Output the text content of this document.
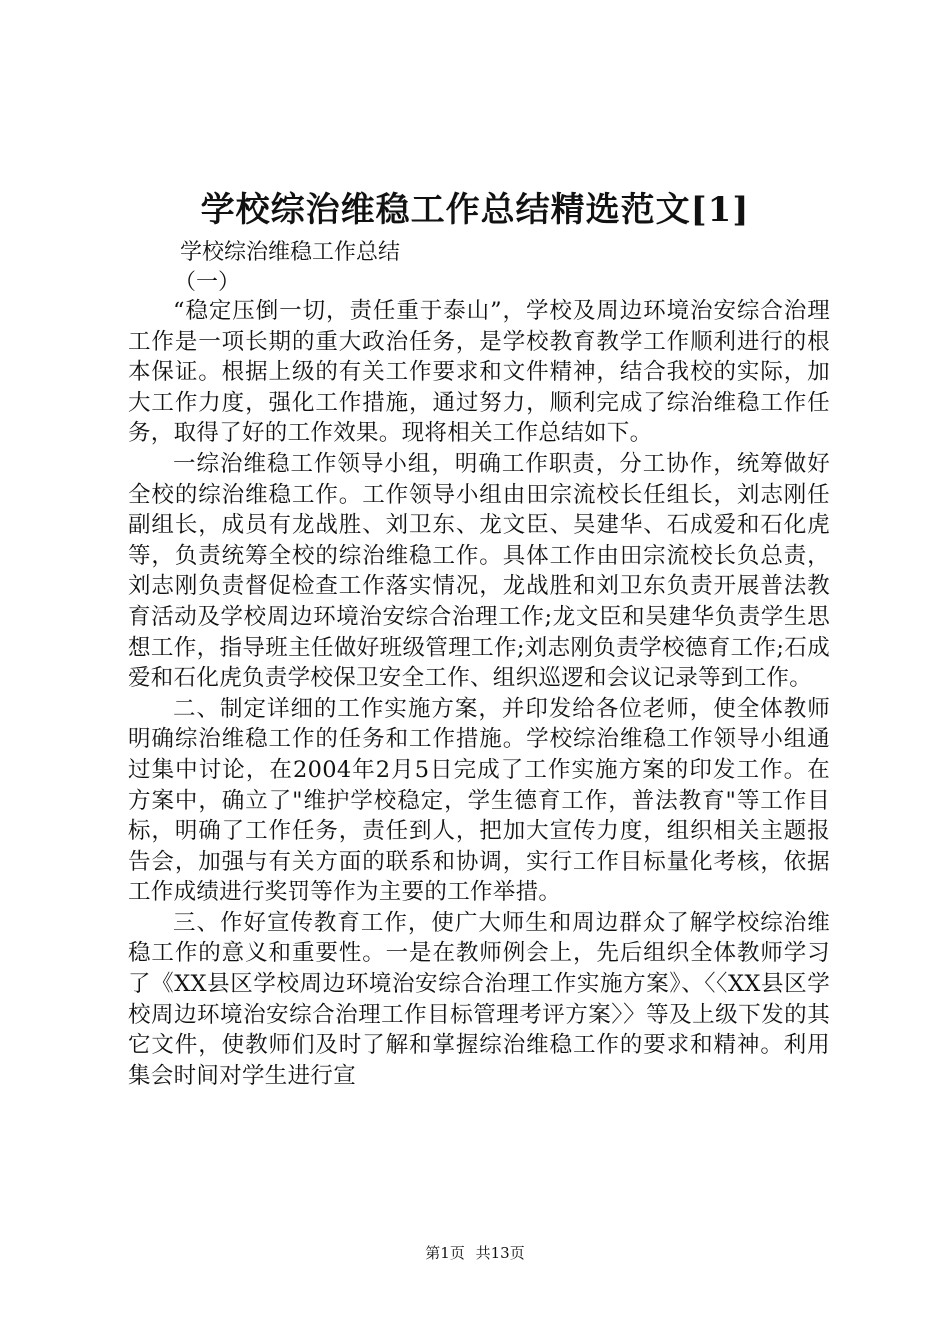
学校综治维稳工作总结精选范文[1]
学校综治维稳工作总结
（一）

“稳定压倒一切，责任重于泰山”，学校及周边环境治安综合治理工作是一项长期的重大政治任务，是学校教育教学工作顺利进行的根本保证。根据上级的有关工作要求和文件精神，结合我校的实际，加大工作力度，强化工作措施，通过努力，顺利完成了综治维稳工作任务，取得了好的工作效果。现将相关工作总结如下。

一综治维稳工作领导小组，明确工作职责，分工协作，统筹做好全校的综治维稳工作。工作领导小组由田宗流校长任组长，刘志刚任副组长，成员有龙战胜、刘卫东、龙文臣、吴建华、石成爱和石化虎等，负责统筹全校的综治维稳工作。具体工作由田宗流校长负总责，刘志刚负责督促检查工作落实情况，龙战胜和刘卫东负责开展普法教育活动及学校周边环境治安综合治理工作;龙文臣和吴建华负责学生思想工作，指导班主任做好班级管理工作;刘志刚负责学校德育工作;石成爱和石化虎负责学校保卫安全工作、组织巡逻和会议记录等到工作。

二、制定详细的工作实施方案，并印发给各位老师，使全体教师明确综治维稳工作的任务和工作措施。学校综治维稳工作领导小组通过集中讨论，在2004年2月5日完成了工作实施方案的印发工作。在方案中，确立了"维护学校稳定，学生德育工作，普法教育"等工作目标，明确了工作任务，责任到人，把加大宣传力度，组织相关主题报告会，加强与有关方面的联系和协调，实行工作目标量化考核，依据工作成绩进行奖罚等作为主要的工作举措。

三、作好宣传教育工作，使广大师生和周边群众了解学校综治维稳工作的意义和重要性。一是在教师例会上，先后组织全体教师学习了《XX县区学校周边环境治安综合治理工作实施方案》、〈〈XX县区学校周边环境治安综合治理工作目标管理考评方案〉〉等及上级下发的其它文件，使教师们及时了解和掌握综治维稳工作的要求和精神。利用集会时间对学生进行宣

第1页 共13页
